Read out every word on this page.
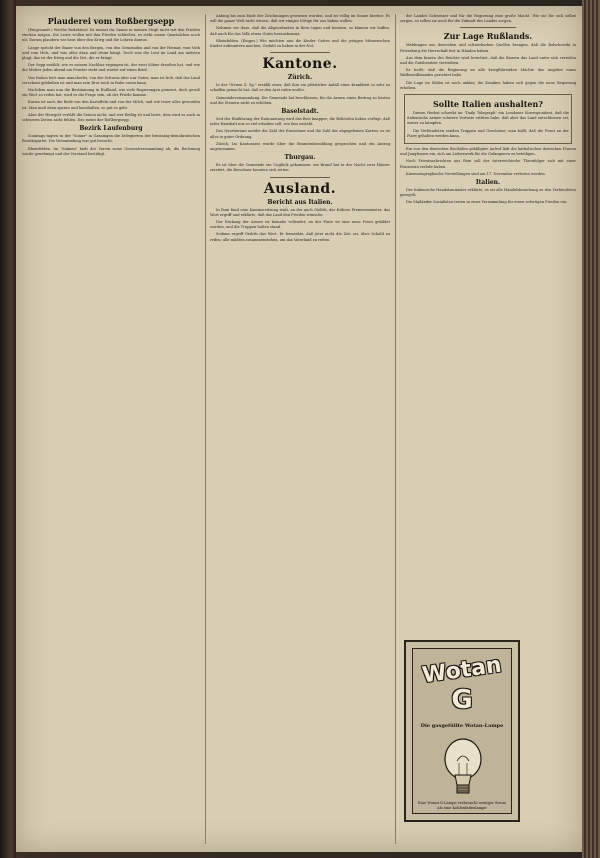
Plauderei vom Roßbergsepp

(Eingesandt.) Werthe Redaktion! Da meinst du, hänne m meinen Strgh nicht mit den Frieden stecken mögen. Die Leute wollen mit ihm Frieden schließen, es steht einem Quartalchen noch nit. Darum plaudern wir heut über den Krieg und die Lehren daraus.

Lange spricht der Bauer von den Bergen, von den Gemeinden und von der Heimat, vom Vieh und vom Holz, und was alles dran und drum hängt. Doch was die Leut im Land am meisten plagt, das ist der Krieg und die Not, die er bringt.

Der Sepp erzählt, wie es seinem Nachbar ergangen ist, der zwei Söhne draußen hat, und wie die Mutter jeden Abend am Fenster steht und wartet auf einen Brief.

Von Italien hört man mancherlei, von der Schweiz aber nur Gutes; man ist froh, daß das Land verschont geblieben ist und man sein Brot noch in Ruhe essen kann.

Nachdem man nun die Bestimmung in Rußland, wie viele Regierungen gemeint, doch gewiß ein Wort zu reden hat, wird es die Frage sein, ob der Friede komme.

Kurios ist auch die Rede von den Kartoffeln und von der Milch, und wie teuer alles geworden ist. Man muß eben sparen und haushalten, so gut es geht.

Aber der Herrgott verläßt die Seinen nicht, und wer fleißig ist und betet, dem wird es auch in schweren Zeiten nicht fehlen. Das meint der Roßbergsepp.

Bezirk Laufenburg

Sonntags tagten in der "Sonne" in Gansingen die Delegierten der freisinnig-demokratischen Bezirkspartei. Die Versammlung war gut besucht.

Rheinfelden. Im "Salmen" hielt der Verein seine Generalversammlung ab; die Rechnung wurde genehmigt und der Vorstand bestätigt.

Anfang bis zum Ende der Zeichnungen gewiesen worden, und ist völlig im Sonne hierher. Es will die ganze Welt nicht wissen, daß wir einiges Nötige für uns haben wollen.

Nehmen wir dazu, daß die Abgeordneten in Bern tagen und beraten, so können wir hoffen, daß auch für das Volk etwas Gutes herauskommt.

Rheinfelden. (Einges.) Wie möchten nun die Kinder Gottes und die jetzigen Mitmenschen Kinder aufmuntern machen, Geduld zu haben in der Not.

Kantone.
Zürich.

In der "Neuen Z. Zg." erzählt einer, daß ihm ein plötzlicher Anfall einer Krankheit so sehr zu schaffen gemacht hat, daß er den Arzt rufen mußte.

Gemeindeversammlung. Die Gemeinde hat beschlossen, für die Armen einen Beitrag zu leisten und die Steuern nicht zu erhöhen.

Baselstadt.

Seit der Einführung der Rationierung wird das Brot knapper; die Behörden haben verfügt, daß jeder Haushalt nur so viel erhalten soll, wie ihm zusteht.

Das Quartieramt meldet die Zahl der Einwohner und die Zahl der abgegebenen Karten; es ist alles in guter Ordnung.

Zürich. Im Kantonsrat wurde über die Beamtenbesoldung gesprochen und ein Antrag angenommen.

Thurgau.

Es ist über die Gemeinde ein Unglück gekommen: ein Brand hat in der Nacht zwei Häuser zerstört, die Bewohner konnten sich retten.

Ausland.
Bericht aus Italien.

In Rom fand eine Kammersitzung statt, an der auch Giolitti, der frühere Premierminister, das Wort ergriff und erklärte, daß das Land den Frieden wünsche.

Der Rückzug der Armee ist beinahe vollendet; an der Piave ist eine neue Front gebildet worden, und die Truppen halten stand.

Sodann ergriff Giolitti das Wort. Er bemerkte, daß jetzt nicht die Zeit sei, über Schuld zu reden; alle müßten zusammenstehen, um das Vaterland zu retten.

der Landes Schweizer und für die Regierung eine große Macht. Wie sie für sich selbst sorgen, so sollen sie auch für die Zukunft des Landes sorgen.

Zur Lage Rußlands.

Meldungen aus deutschen und schwedischen Quellen besagen, daß die Bolschewiki in Petersburg die Herrschaft fest in Händen haben.

Aus dem Innern des Reiches wird berichtet, daß die Bauern das Land unter sich verteilen und die Gutsbesitzer vertreiben.

Es heißt, daß die Regierung an alle kriegführenden Mächte das Angebot eines Waffenstillstandes gerichtet habe.

Die Lage im Süden ist noch unklar; die Kosaken haben sich gegen die neue Regierung erhoben.

Sollte Italien aushalten?

Diesen Herbst schreibt im "Daily Telegraph" ein Londoner Korrespondent, daß die italienische Armee schwere Verluste erlitten habe, daß aber das Land entschlossen sei, weiter zu kämpfen.

Die Verbündeten senden Truppen und Geschütze; man hofft, daß die Front an der Piave gehalten werden kann.

Ein von den deutschen Bischöfen gebilligter Aufruf lädt die katholischen deutschen Frauen und Jungfrauen ein, sich am Liebeswerk für die Gefangenen zu beteiligen.

Nach Privatnachrichten aus Rom soll der österreichische Thronfolger sich mit einer Prinzessin verlobt haben.

Kinematographische Vorstellungen sind am 17. November verboten worden.

Italien.

Der italienische Handelsminister erklärte, es sei alle Handelsbeziehung zu den Verbündeten geregelt.

Die Mailänder Sozialisten traten in einer Versammlung für einen sofortigen Frieden ein.

Wotan
G
Die gasgefüllte Wotan-Lampe
Eine Wotan-G-Lampe verbraucht weniger Strom als eine Kohlenfadenlampe
